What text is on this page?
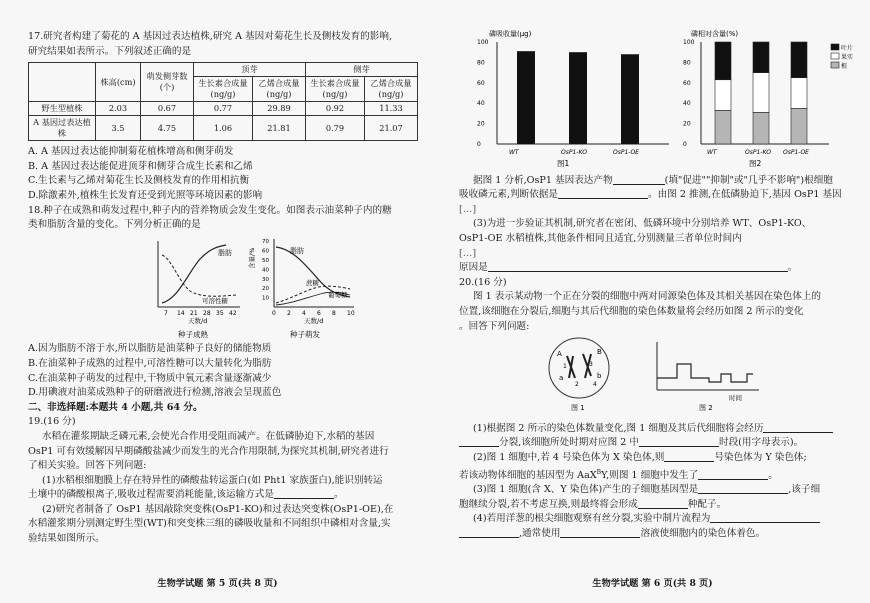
17.研究者构建了菊花的 A 基因过表达植株,研究 A 基因对菊花生长及侧枝发育的影响,
研究结果如表所示。下列叙述正确的是
	株高(cm)	萌发侧芽数(个)	顶芽		侧芽	
			生长素合成量(ng/g)	乙烯合成量(ng/g)	生长素合成量(ng/g)	乙烯合成量(ng/g)
野生型植株	2.03	0.67	0.77	29.89	0.92	11.33
A 基因过表达植株	3.5	4.75	1.06	21.81	0.79	21.07
A. A 基因过表达能抑制菊花植株增高和侧芽萌发
B. A 基因过表达能促进顶芽和侧芽合成生长素和乙烯
C.生长素与乙烯对菊花生长及侧枝发育的作用相抗衡
D.除激素外,植株生长发育还受到光照等环境因素的影响
18.种子在成熟和萌发过程中,种子内的营养物质会发生变化。如图表示油菜种子内的糖
类和脂肪含量的变化。下列分析正确的是
脂肪
可溶性糖
7 14 21 28 35 42
天数/d
种子成熟
含量/%	脂肪
蔗糖
葡萄糖
10
20
30
40
50
60
70
0 2 4 6 8 10
天数/d
种子萌发
A.因为脂肪不溶于水,所以脂肪是油菜种子良好的储能物质
B.在油菜种子成熟的过程中,可溶性糖可以大量转化为脂肪
C.在油菜种子萌发的过程中,干物质中氧元素含量逐渐减少
D.用碘液对油菜成熟种子的研磨液进行检测,溶液会呈现蓝色
二、非选择题:本题共 4 小题,共 64 分。
19.(16 分)
水稻在灌浆期缺乏磷元素,会使光合作用受阻而减产。在低磷胁迫下,水稻的基因
OsP1 可有效缓解因早期磷酸盐减少而发生的光合作用限制,为探究其机制,研究者进行
了相关实验。回答下列问题:
(1)水稻根细胞膜上存在特异性的磷酸盐转运蛋白(如 Pht1 家族蛋白),能识别转运
土壤中的磷酸根离子,吸收过程需要消耗能量,该运输方式是	。
(2)研究者制备了 OsP1 基因敲除突变株(OsP1-KO)和过表达突变株(OsP1-OE),在
水稻灌浆期分别测定野生型(WT)和突变株三组的磷吸收量和不同组织中磷相对含量,实
验结果如图所示。
生物学试题 第 5 页(共 8 页)
磷吸收量(μg)
0
20
40
60
80
100
WT	OsP1-KO	OsP1-OE
图1
磷相对含量(%)
0
20
40
60
80
100
WT	OsP1-KO OsP1-OE
叶片
果实
根
图2
据图 1 分析,OsP1 基因表达产物	(填"促进""抑制"或"几乎不影响")根细胞
吸收磷元素,判断依据是	。由图 2 推测,在低磷胁迫下,基因 OsP1 基因
[…]
(3)为进一步验证其机制,研究者在密闭、低磷环境中分别培养 WT、OsP1-KO、
OsP1-OE 水稻植株,其他条件相同且适宜,分别测量三者单位时间内
[…]
原因是	。
20.(16 分)
图 1 表示某动物一个正在分裂的细胞中两对同源染色体及其相关基因在染色体上的
位置,该细胞在分裂后,细胞与其后代细胞的染色体数量将会经历如图 2 所示的变化
。回答下列问题:
A
a
B
b
1
2
3
4
图 1
时间
图 2
(1)根据图 2 所示的染色体数量变化,图 1 细胞及其后代细胞将会经历
分裂,该细胞所处时期对应图 2 中	时段(用字母表示)。
(2)图 1 细胞中,若 4 号染色体为 X 染色体,则	号染色体为 Y 染色体;
若该动物体细胞的基因型为 AaX$^B$Y,则图 1 细胞中发生了	。
(3)图 1 细胞(含 X、Y 染色体)产生的子细胞基因型是	,该子细
胞继续分裂,若不考虑互换,则最终将会形成	种配子。
(4)若用洋葱的根尖细胞观察有丝分裂,实验中制片流程为
,通常使用	溶液使细胞内的染色体着色。
生物学试题 第 6 页(共 8 页)
